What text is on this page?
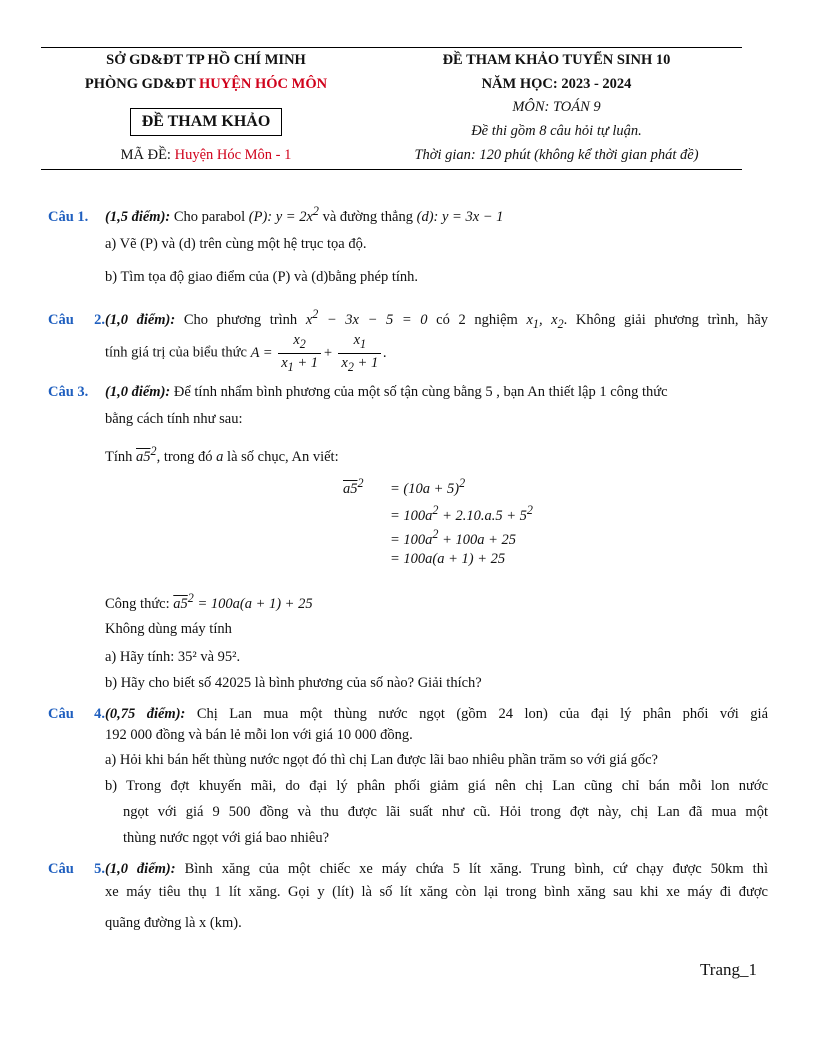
SỞ GD&ĐT TP HỒ CHÍ MINH
PHÒNG GD&ĐT HUYỆN HÓC MÔN
ĐỀ THAM KHẢO
MÃ ĐỀ: Huyện Hóc Môn - 1
ĐỀ THAM KHẢO TUYỂN SINH 10
NĂM HỌC: 2023 - 2024
MÔN: TOÁN 9
Đề thi gồm 8 câu hỏi tự luận.
Thời gian: 120 phút (không kể thời gian phát đề)
Câu 1. (1,5 điểm): Cho parabol (P): $y = 2x^2$ và đường thẳng (d): y = 3x − 1
a) Vẽ (P) và (d) trên cùng một hệ trục tọa độ.
b) Tìm tọa độ giao điểm của (P) và (d)bằng phép tính.
Câu 2.(1,0 điểm): Cho phương trình $x^2 - 3x - 5 = 0$ có 2 nghiệm $x_1$, $x_2$. Không giải phương trình, hãy
tính giá trị của biểu thức $A = \frac{x_2}{x_1 + 1} + \frac{x_1}{x_2 + 1}$ .
Câu 3. (1,0 điểm): Để tính nhẩm bình phương của một số tận cùng bằng 5 , bạn An thiết lập 1 công thức
bằng cách tính như sau:
Tính $a5^2$, trong đó a là số chục, An viết:
$a5^2 = (10a + 5)^2$
= $100a^2 + 2.10.a.5 + 5^2$
= $100a^2 + 100a + 25$
= 100a(a + 1) + 25
Công thức: $a5^2 = 100a(a + 1) + 25$
Không dùng máy tính
a) Hãy tính: 35² và 95².
b) Hãy cho biết số 42025 là bình phương của số nào? Giải thích?
Câu 4.(0,75 điểm): Chị Lan mua một thùng nước ngọt (gồm 24 lon) của đại lý phân phối với giá
192 000 đồng và bán lẻ mỗi lon với giá 10 000 đồng.
a) Hỏi khi bán hết thùng nước ngọt đó thì chị Lan được lãi bao nhiêu phần trăm so với giá gốc?
b) Trong đợt khuyến mãi, do đại lý phân phối giảm giá nên chị Lan cũng chỉ bán mỗi lon nước
ngọt với giá 9 500 đồng và thu được lãi suất như cũ. Hỏi trong đợt này, chị Lan đã mua một
thùng nước ngọt với giá bao nhiêu?
Câu 5.(1,0 điểm): Bình xăng của một chiếc xe máy chứa 5 lít xăng. Trung bình, cứ chạy được 50km thì
xe máy tiêu thụ 1 lít xăng. Gọi y (lít) là số lít xăng còn lại trong bình xăng sau khi xe máy đi được
quãng đường là x (km).
Trang_1
